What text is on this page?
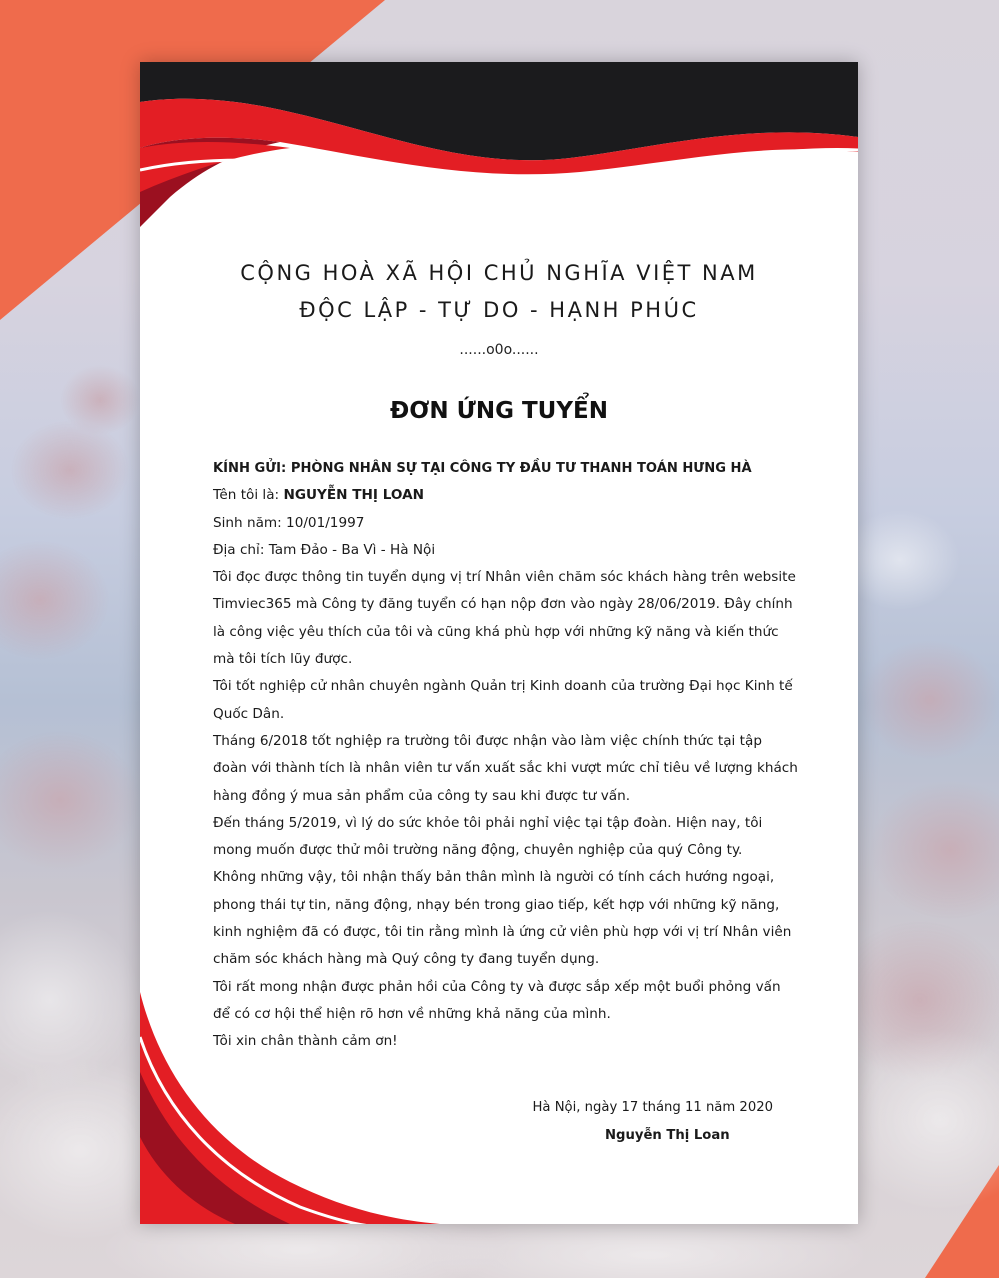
CỘNG HOÀ XÃ HỘI CHỦ NGHĨA VIỆT NAM
ĐỘC LẬP - TỰ DO - HẠNH PHÚC
......o0o......
ĐƠN ỨNG TUYỂN

KÍNH GỬI: PHÒNG NHÂN SỰ TẠI CÔNG TY ĐẦU TƯ THANH TOÁN HƯNG HÀ

Tên tôi là: NGUYỄN THỊ LOAN

Sinh năm: 10/01/1997

Địa chỉ: Tam Đảo - Ba Vì - Hà Nội

Tôi đọc được thông tin tuyển dụng vị trí Nhân viên chăm sóc khách hàng trên website Timviec365 mà Công ty đăng tuyển có hạn nộp đơn vào ngày 28/06/2019. Đây chính là công việc yêu thích của tôi và cũng khá phù hợp với những kỹ năng và kiến thức mà tôi tích lũy được.

Tôi tốt nghiệp cử nhân chuyên ngành Quản trị Kinh doanh của trường Đại học Kinh tế Quốc Dân.

Tháng 6/2018 tốt nghiệp ra trường tôi được nhận vào làm việc chính thức tại tập đoàn với thành tích là nhân viên tư vấn xuất sắc khi vượt mức chỉ tiêu về lượng khách hàng đồng ý mua sản phẩm của công ty sau khi được tư vấn.

Đến tháng 5/2019, vì lý do sức khỏe tôi phải nghỉ việc tại tập đoàn. Hiện nay, tôi mong muốn được thử môi trường năng động, chuyên nghiệp của quý Công ty.

Không những vậy, tôi nhận thấy bản thân mình là người có tính cách hướng ngoại, phong thái tự tin, năng động, nhạy bén trong giao tiếp, kết hợp với những kỹ năng, kinh nghiệm đã có được, tôi tin rằng mình là ứng cử viên phù hợp với vị trí Nhân viên chăm sóc khách hàng mà Quý công ty đang tuyển dụng.

Tôi rất mong nhận được phản hồi của Công ty và được sắp xếp một buổi phỏng vấn để có cơ hội thể hiện rõ hơn về những khả năng của mình.

Tôi xin chân thành cảm ơn!

Hà Nội, ngày 17 tháng 11 năm 2020
Nguyễn Thị Loan
